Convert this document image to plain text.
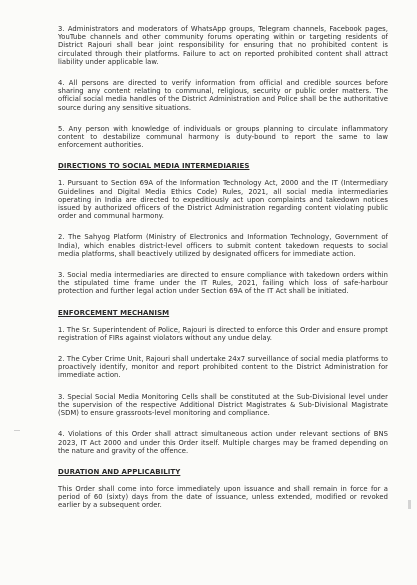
3. Administrators and moderators of WhatsApp groups, Telegram channels, Facebook pages, YouTube channels and other community forums operating within or targeting residents of District Rajouri shall bear joint responsibility for ensuring that no prohibited content is circulated through their platforms. Failure to act on reported prohibited content shall attract liability under applicable law.

4. All persons are directed to verify information from official and credible sources before sharing any content relating to communal, religious, security or public order matters. The official social media handles of the District Administration and Police shall be the authoritative source during any sensitive situations.

5. Any person with knowledge of individuals or groups planning to circulate inflammatory content to destabilize communal harmony is duty-bound to report the same to law enforcement authorities.

DIRECTIONS TO SOCIAL MEDIA INTERMEDIARIES

1. Pursuant to Section 69A of the Information Technology Act, 2000 and the IT (Intermediary Guidelines and Digital Media Ethics Code) Rules, 2021, all social media intermediaries operating in India are directed to expeditiously act upon complaints and takedown notices issued by authorized officers of the District Administration regarding content violating public order and communal harmony.

2. The Sahyog Platform (Ministry of Electronics and Information Technology, Government of India), which enables district-level officers to submit content takedown requests to social media platforms, shall beactively utilized by designated officers for immediate action.

3. Social media intermediaries are directed to ensure compliance with takedown orders within the stipulated time frame under the IT Rules, 2021, failing which loss of safe-harbour protection and further legal action under Section 69A of the IT Act shall be initiated.

ENFORCEMENT MECHANISM

1. The Sr. Superintendent of Police, Rajouri is directed to enforce this Order and ensure prompt registration of FIRs against violators without any undue delay.

2. The Cyber Crime Unit, Rajouri shall undertake 24x7 surveillance of social media platforms to proactively identify, monitor and report prohibited content to the District Administration for immediate action.

3. Special Social Media Monitoring Cells shall be constituted at the Sub-Divisional level under the supervision of the respective Additional District Magistrates & Sub-Divisional Magistrate (SDM) to ensure grassroots-level monitoring and compliance.

4. Violations of this Order shall attract simultaneous action under relevant sections of BNS 2023, IT Act 2000 and under this Order itself. Multiple charges may be framed depending on the nature and gravity of the offence.

DURATION AND APPLICABILITY

This Order shall come into force immediately upon issuance and shall remain in force for a period of 60 (sixty) days from the date of issuance, unless extended, modified or revoked earlier by a subsequent order.
